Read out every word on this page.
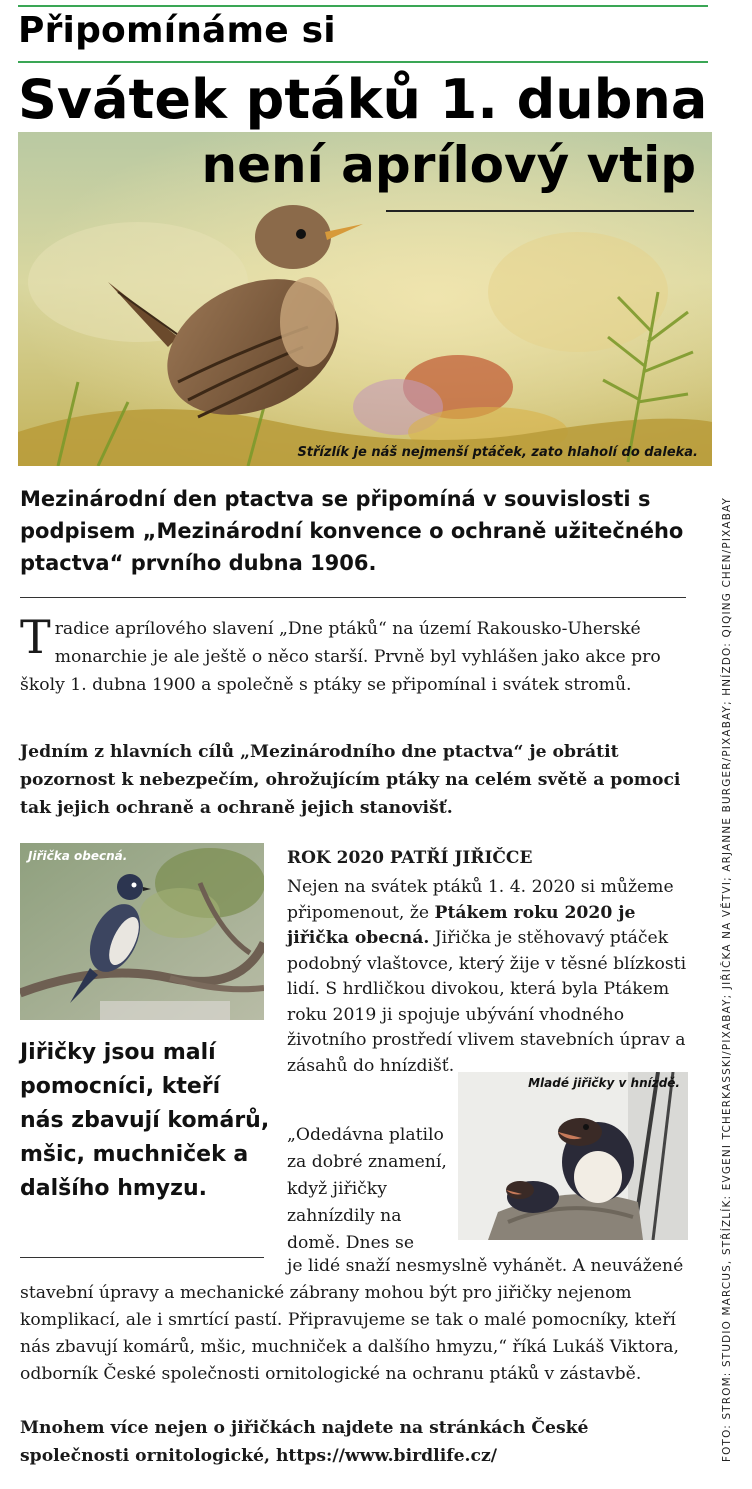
Připomínáme si
Svátek ptáků 1. dubna
není aprílový vtip
Střízlík je náš nejmenší ptáček, zato hlaholí do daleka.

Mezinárodní den ptactva se připomíná v souvislosti s podpisem „Mezinárodní konvence o ochraně užitečného ptactva“ prvního dubna 1906.

Tradice aprílového slavení „Dne ptáků“ na území Rakousko-Uherské monarchie je ale ještě o něco starší. Prvně byl vyhlášen jako akce pro školy 1. dubna 1900 a společně s ptáky se připomínal i svátek stromů.

Jedním z hlavních cílů „Mezinárodního dne ptactva“ je obrátit pozornost k nebezpečím, ohrožujícím ptáky na celém světě a pomoci tak jejich ochraně a ochraně jejich stanovišť.

Jiřička obecná.

Jiřičky jsou malí pomocníci, kteří nás zbavují komárů, mšic, muchniček a dalšího hmyzu.

ROK 2020 PATŘÍ JIŘIČCE

Nejen na svátek ptáků 1. 4. 2020 si můžeme připomenout, že Ptákem roku 2020 je jiřička obecná. Jiřička je stěhovavý ptáček podobný vlaštovce, který žije v těsné blízkosti lidí. S hrdličkou divokou, která byla Ptákem roku 2019 ji spojuje ubývání vhodného životního prostředí vlivem stavebních úprav a zásahů do hnízdišť.

Mladé jiřičky v hnízdě.

„Odedávna platilo za dobré znamení, když jiřičky zahnízdily na domě. Dnes se

je lidé snaží nesmyslně vyhánět. A neuvážené

stavební úpravy a mechanické zábrany mohou být pro jiřičky nejenom komplikací, ale i smrtící pastí. Připravujeme se tak o malé pomocníky, kteří nás zbavují komárů, mšic, muchniček a dalšího hmyzu,“ říká Lukáš Viktora, odborník České společnosti ornitologické na ochranu ptáků v zástavbě.

Mnohem více nejen o jiřičkách najdete na stránkách České společnosti ornitologické, https://www.birdlife.cz/	FOTO: STROM: STUDIO MARCUS, STŘÍZLÍK: EVGENI TCHERKASSKI/PIXABAY; JIŘIČKA NA VĚTVI; ARJANNE BURGER/PIXABAY; HNÍZDO: QIQING CHEN/PIXABAY
